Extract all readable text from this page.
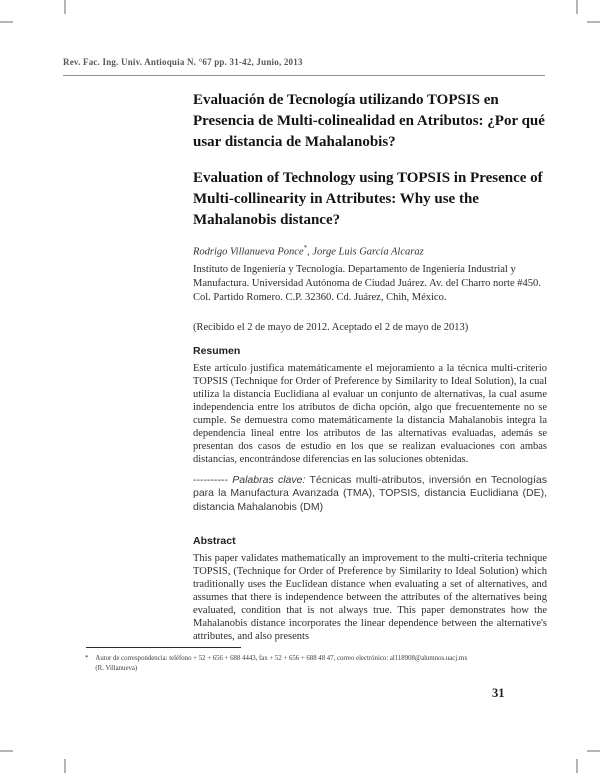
Rev. Fac. Ing. Univ. Antioquia N. °67 pp. 31-42, Junio, 2013
Evaluación de Tecnología utilizando TOPSIS en Presencia de Multi-colinealidad en Atributos: ¿Por qué usar distancia de Mahalanobis?
Evaluation of Technology using TOPSIS in Presence of Multi-collinearity in Attributes: Why use the Mahalanobis distance?
Rodrigo Villanueva Ponce*, Jorge Luis García Alcaraz
Instituto de Ingeniería y Tecnología. Departamento de Ingeniería Industrial y Manufactura. Universidad Autónoma de Ciudad Juárez. Av. del Charro norte #450. Col. Partido Romero. C.P. 32360. Cd. Juárez, Chih, México.
(Recibido el 2 de mayo de 2012. Aceptado el 2 de mayo de 2013)
Resumen
Este artículo justifica matemáticamente el mejoramiento a la técnica multi-criterio TOPSIS (Technique for Order of Preference by Similarity to Ideal Solution), la cual utiliza la distancia Euclidiana al evaluar un conjunto de alternativas, la cual asume independencia entre los atributos de dicha opción, algo que frecuentemente no se cumple. Se demuestra como matemáticamente la distancia Mahalanobis integra la dependencia lineal entre los atributos de las alternativas evaluadas, además se presentan dos casos de estudio en los que se realizan evaluaciones con ambas distancias, encontrándose diferencias en las soluciones obtenidas.
---------- Palabras clave: Técnicas multi-atributos, inversión en Tecnologías para la Manufactura Avanzada (TMA), TOPSIS, distancia Euclidiana (DE), distancia Mahalanobis (DM)
Abstract
This paper validates mathematically an improvement to the multi-criteria technique TOPSIS, (Technique for Order of Preference by Similarity to Ideal Solution) which traditionally uses the Euclidean distance when evaluating a set of alternatives, and assumes that there is independence between the attributes of the alternatives being evaluated, condition that is not always true. This paper demonstrates how the Mahalanobis distance incorporates the linear dependence between the alternative's attributes, and also presents
* Autor de correspondencia: teléfono + 52 + 656 + 688 4443, fax + 52 + 656 + 688 48 47, correo electrónico: al118908@alumnos.uacj.mx
(R. Villanueva)
31
